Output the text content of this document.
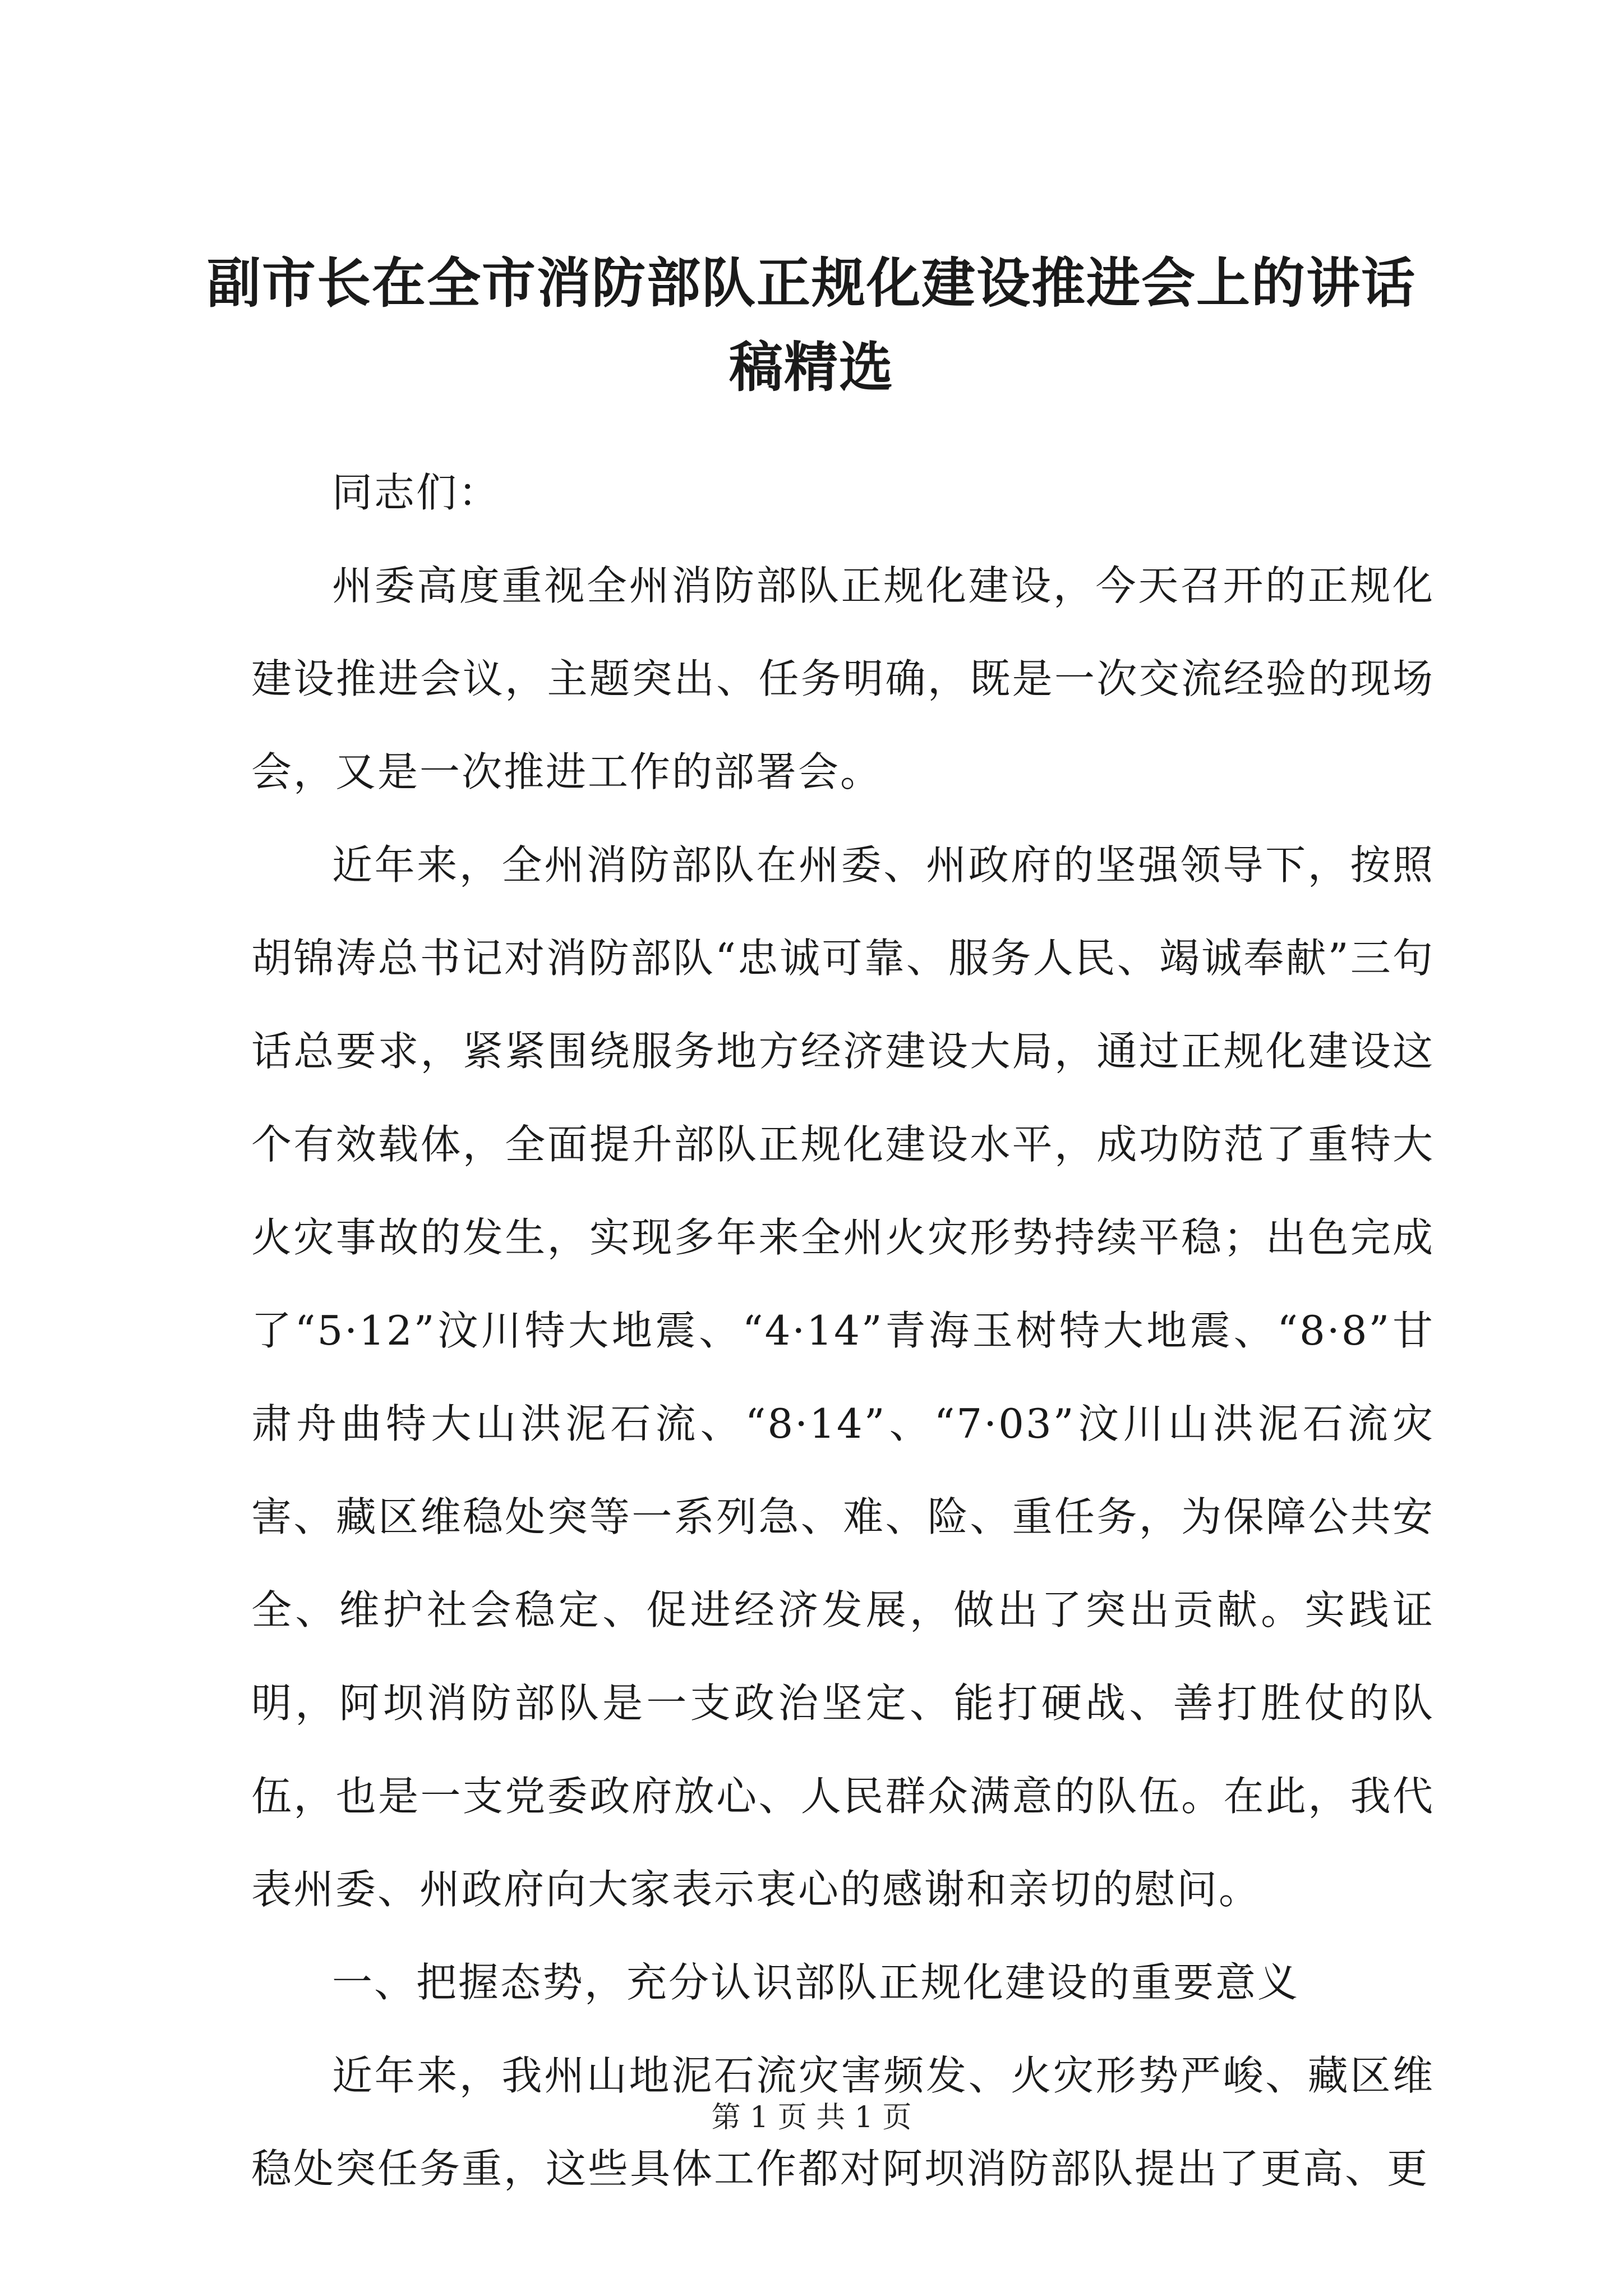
副市长在全市消防部队正规化建设推进会上的讲话稿精选

同志们：

州委高度重视全州消防部队正规化建设，今天召开的正规化建设推进会议，主题突出、任务明确，既是一次交流经验的现场会，又是一次推进工作的部署会。

近年来，全州消防部队在州委、州政府的坚强领导下，按照胡锦涛总书记对消防部队“忠诚可靠、服务人民、竭诚奉献”三句话总要求，紧紧围绕服务地方经济建设大局，通过正规化建设这个有效载体，全面提升部队正规化建设水平，成功防范了重特大火灾事故的发生，实现多年来全州火灾形势持续平稳；出色完成了“5·12”汶川特大地震、“4·14”青海玉树特大地震、“8·8”甘肃舟曲特大山洪泥石流、“8·14”、“7·03”汶川山洪泥石流灾害、藏区维稳处突等一系列急、难、险、重任务，为保障公共安全、维护社会稳定、促进经济发展，做出了突出贡献。实践证明，阿坝消防部队是一支政治坚定、能打硬战、善打胜仗的队伍，也是一支党委政府放心、人民群众满意的队伍。在此，我代表州委、州政府向大家表示衷心的感谢和亲切的慰问。

一、把握态势，充分认识部队正规化建设的重要意义

近年来，我州山地泥石流灾害频发、火灾形势严峻、藏区维稳处突任务重，这些具体工作都对阿坝消防部队提出了更高、更

第 1 页 共 1 页
